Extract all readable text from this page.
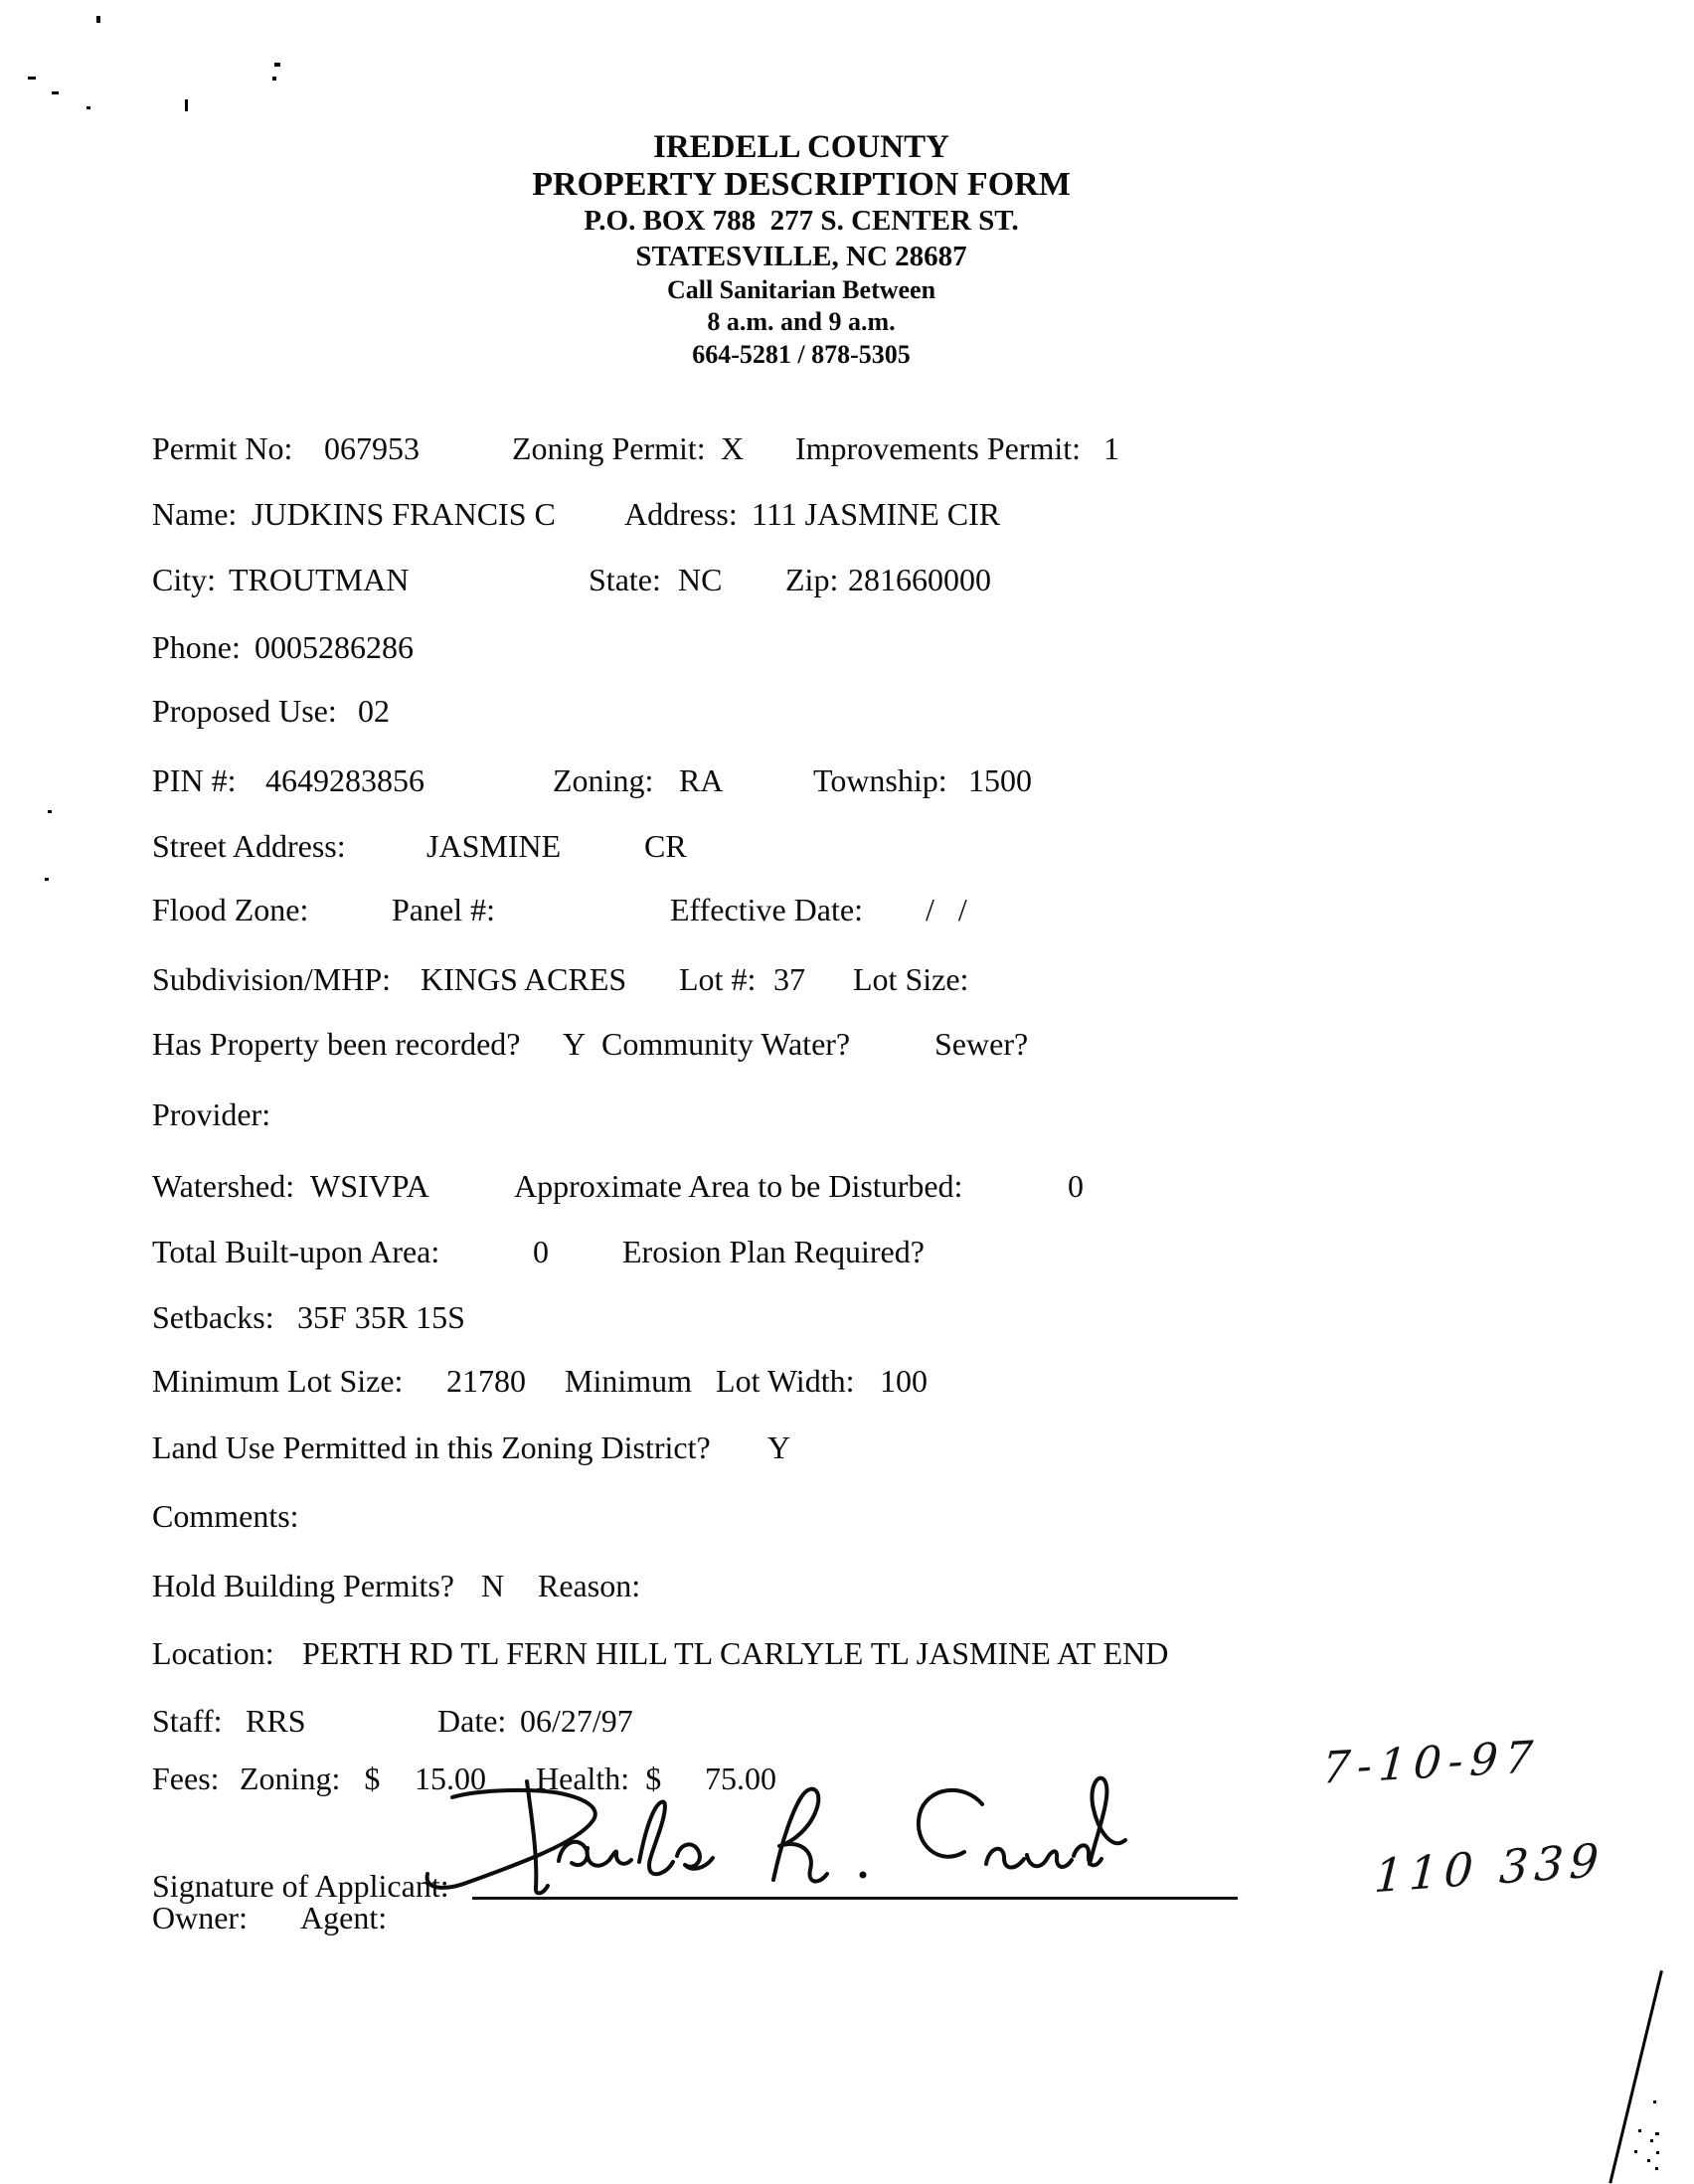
IREDELL COUNTY
PROPERTY DESCRIPTION FORM
P.O. BOX 788  277 S. CENTER ST.
STATESVILLE, NC 28687
Call Sanitarian Between
8 a.m. and 9 a.m.
664-5281 / 878-5305
Permit No: 067953	Zoning Permit: X Improvements Permit: 1
Name: JUDKINS FRANCIS C Address: 111 JASMINE CIR
City: TROUTMAN	State: NC Zip: 281660000
Phone: 0005286286
Proposed Use: 02
PIN #: 4649283856	Zoning: RA	Township: 1500
Street Address:	JASMINE	CR
Flood Zone:	Panel #:	Effective Date: /   /
Subdivision/MHP: KINGS ACRES Lot #: 37 Lot Size:
Has Property been recorded? Y Community Water?	Sewer?
Provider:
Watershed: WSIVPA	Approximate Area to be Disturbed:	0
Total Built-upon Area:	0 Erosion Plan Required?
Setbacks: 35F 35R 15S
Minimum Lot Size: 21780 Minimum   Lot Width: 100
Land Use Permitted in this Zoning District? Y
Comments:
Hold Building Permits? N Reason:
Location: PERTH RD TL FERN HILL TL CARLYLE TL JASMINE AT END
Staff: RRS	Date: 06/27/97
Fees: Zoning:   $ 15.00 Health:  $ 75.00
Signature of Applicant:
Owner: Agent:
7-10-97
110 339
